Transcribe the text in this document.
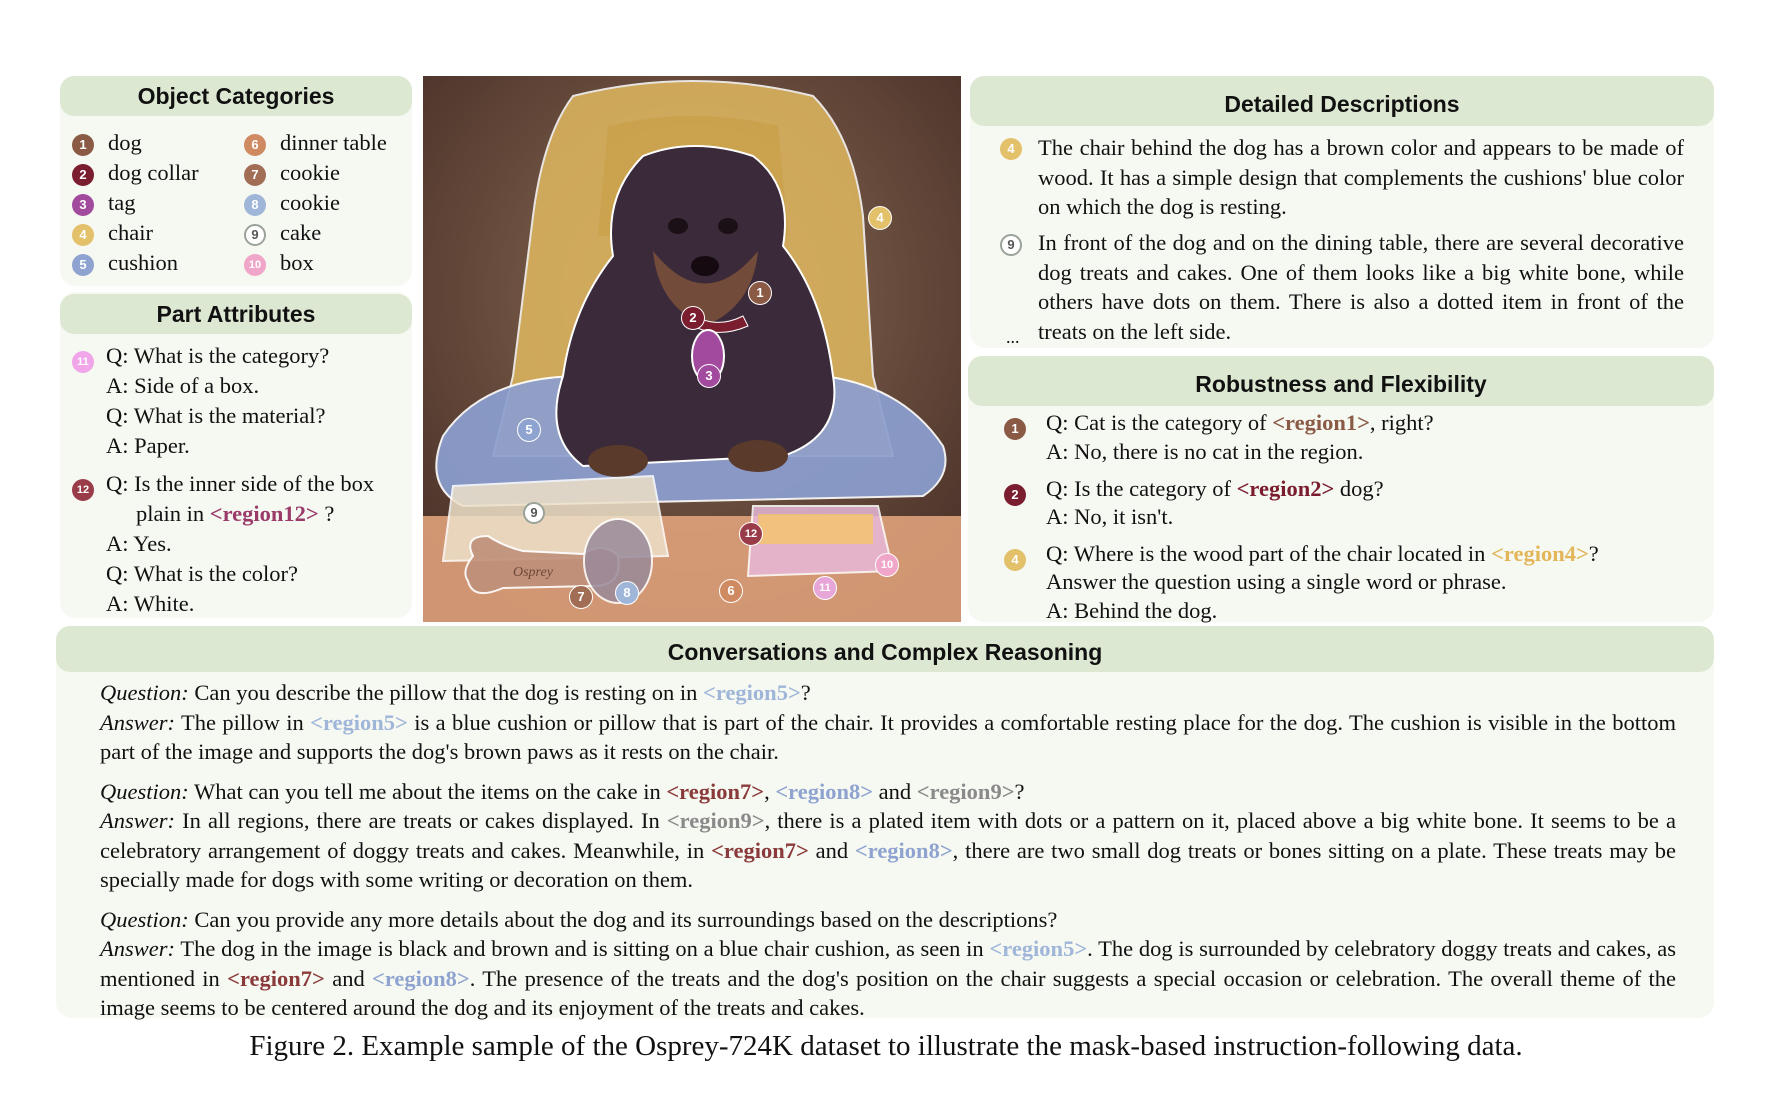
Object Categories
1 dog
2 dog collar
3 tag
4 chair
5 cushion
6 dinner table
7 cookie
8 cookie
9 cake
10 box
Part Attributes
11 Q: What is the category?
A: Side of a box.
Q: What is the material?
A: Paper.
12 Q: Is the inner side of the box
plain in <region12> ?
A: Yes.
Q: What is the color?
A: White.
Osprey
1
2
3
4
5
6
7	8
9
10
11
12
Detailed Descriptions
4	The chair behind the dog has a brown color and appears to be made of wood. It has a simple design that complements the cushions' blue color on which the dog is resting.
9	In front of the dog and on the dining table, there are several decorative dog treats and cakes. One of them looks like a big white bone, while others have dots on them. There is also a dotted item in front of the treats on the left side.
...
Robustness and Flexibility
1	Q: Cat is the category of <region1>, right?
A: No, there is no cat in the region.
2	Q: Is the category of <region2> dog?
A: No, it isn't.
4	Q: Where is the wood part of the chair located in <region4>?
Answer the question using a single word or phrase.
A: Behind the dog.
Conversations and Complex Reasoning

Question: Can you describe the pillow that the dog is resting on in <region5>?
Answer: The pillow in <region5> is a blue cushion or pillow that is part of the chair. It provides a comfortable resting place for the dog. The cushion is visible in the bottom part of the image and supports the dog's brown paws as it rests on the chair.

Question: What can you tell me about the items on the cake in <region7>, <region8> and <region9>?
Answer: In all regions, there are treats or cakes displayed. In <region9>, there is a plated item with dots or a pattern on it, placed above a big white bone. It seems to be a celebratory arrangement of doggy treats and cakes. Meanwhile, in <region7> and <region8>, there are two small dog treats or bones sitting on a plate. These treats may be specially made for dogs with some writing or decoration on them.

Question: Can you provide any more details about the dog and its surroundings based on the descriptions?
Answer: The dog in the image is black and brown and is sitting on a blue chair cushion, as seen in <region5>. The dog is surrounded by celebratory doggy treats and cakes, as mentioned in <region7> and <region8>. The presence of the treats and the dog's position on the chair suggests a special occasion or celebration. The overall theme of the image seems to be centered around the dog and its enjoyment of the treats and cakes.

Figure 2. Example sample of the Osprey-724K dataset to illustrate the mask-based instruction-following data.
